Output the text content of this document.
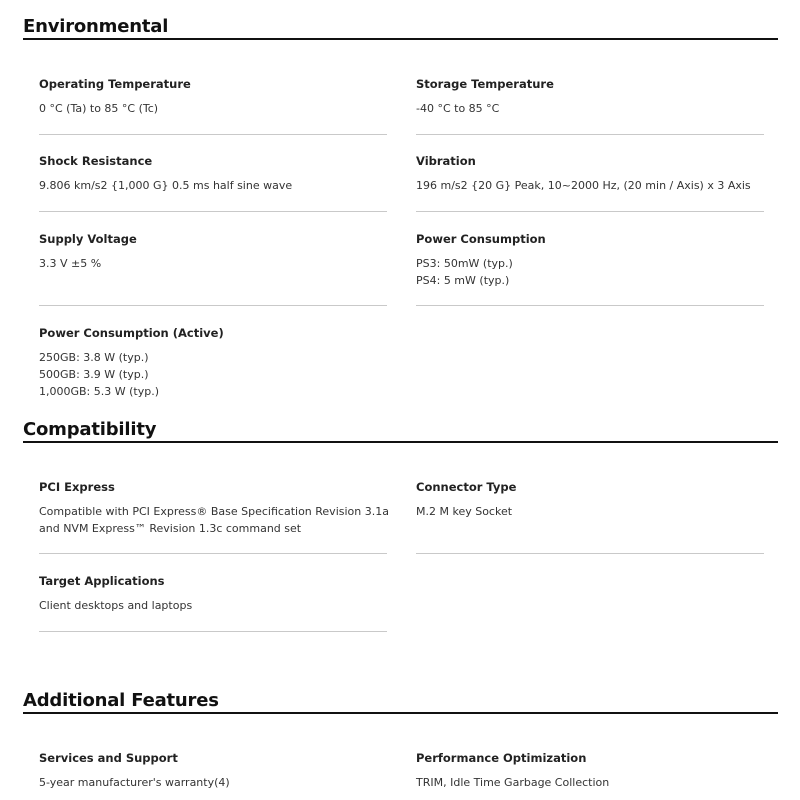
Environmental
Operating Temperature
0 °C (Ta) to 85 °C (Tc)
Storage Temperature
-40 °C to 85 °C
Shock Resistance
9.806 km/s2 {1,000 G} 0.5 ms half sine wave
Vibration
196 m/s2 {20 G} Peak, 10~2000 Hz, (20 min / Axis) x 3 Axis
Supply Voltage
3.3 V ±5 %
Power Consumption
PS3: 50mW (typ.)
PS4: 5 mW (typ.)
Power Consumption (Active)
250GB: 3.8 W (typ.)
500GB: 3.9 W (typ.)
1,000GB: 5.3 W (typ.)
Compatibility
PCI Express
Compatible with PCI Express® Base Specification Revision 3.1a
and NVM Express™ Revision 1.3c command set
Connector Type
M.2 M key Socket
Target Applications
Client desktops and laptops
Additional Features
Services and Support
5-year manufacturer's warranty(4)
Performance Optimization
TRIM, Idle Time Garbage Collection
